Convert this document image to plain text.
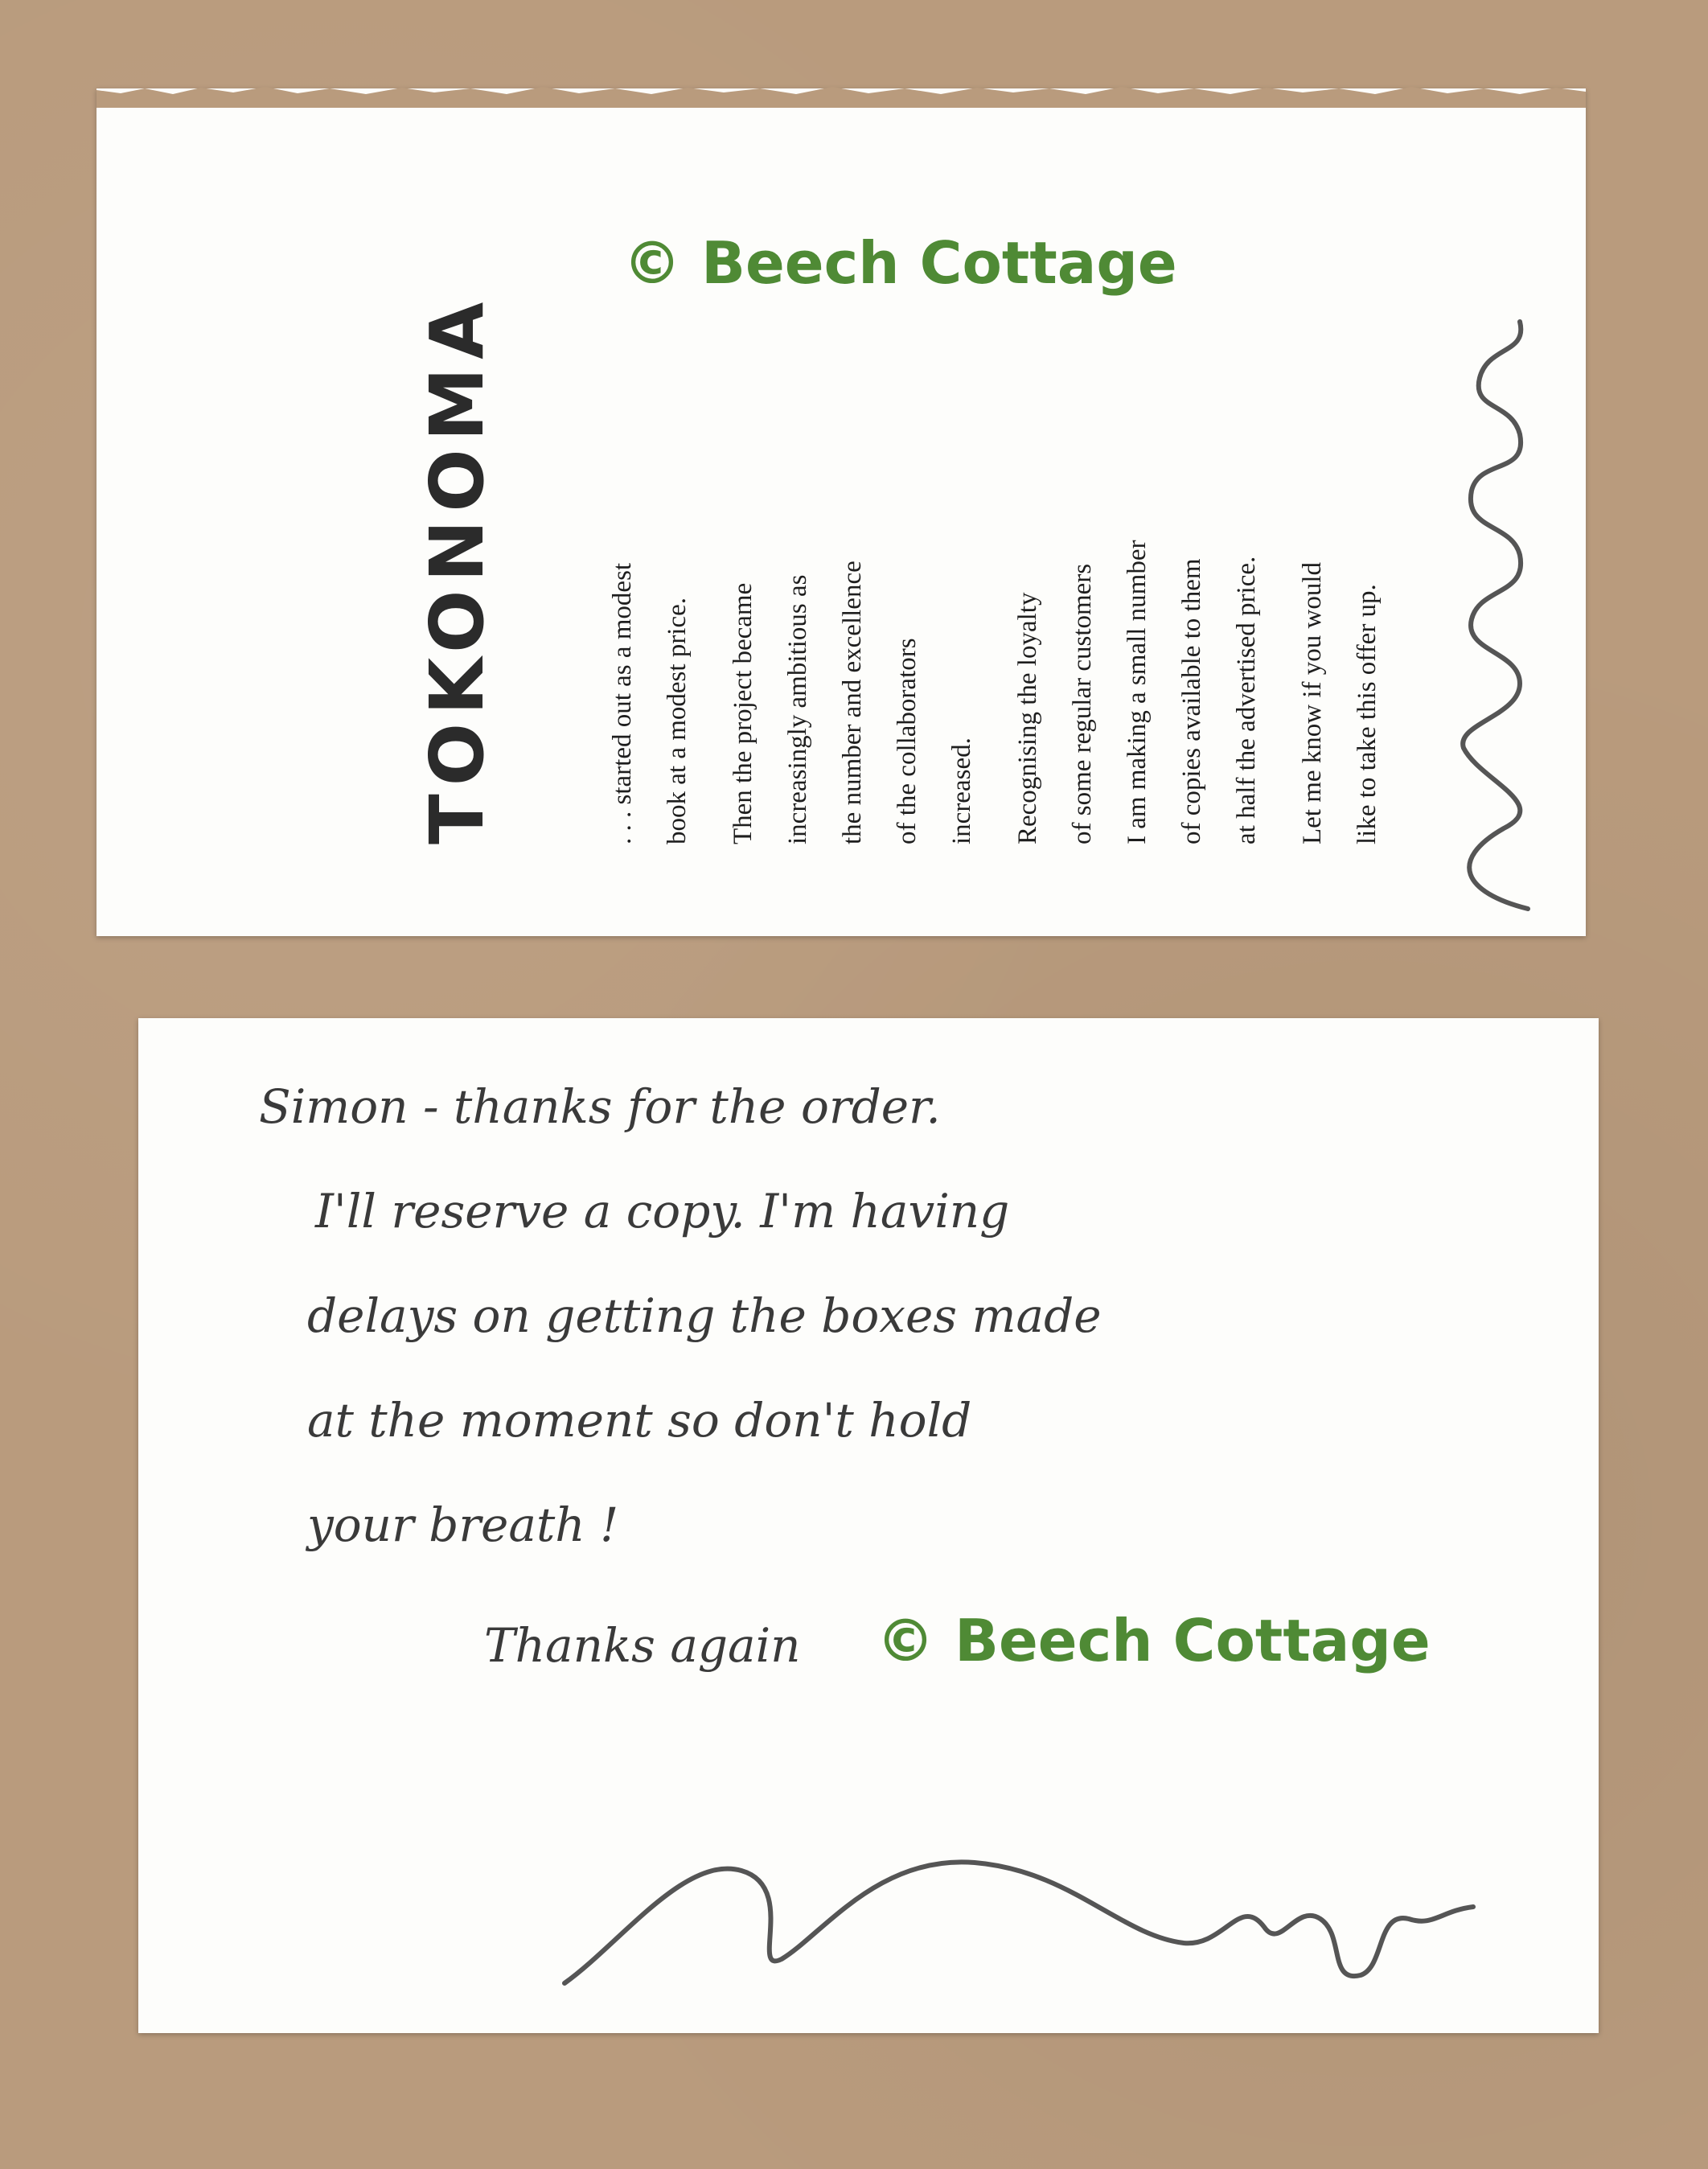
TOKONOMA	. . . started out as a modest
book at a modest price.

Then the project became
increasingly ambitious as
the number and excellence
of the collaborators
increased.	Recognising the loyalty
of some regular customers
I am making a small number
of copies available to them
at half the advertised price.

Let me know if you would
like to take this offer up.

© Beech Cottage
Simon - thanks for the order.
I'll reserve a copy. I'm having
delays on getting the boxes made
at the moment so don't hold
your breath !
Thanks again	© Beech Cottage
